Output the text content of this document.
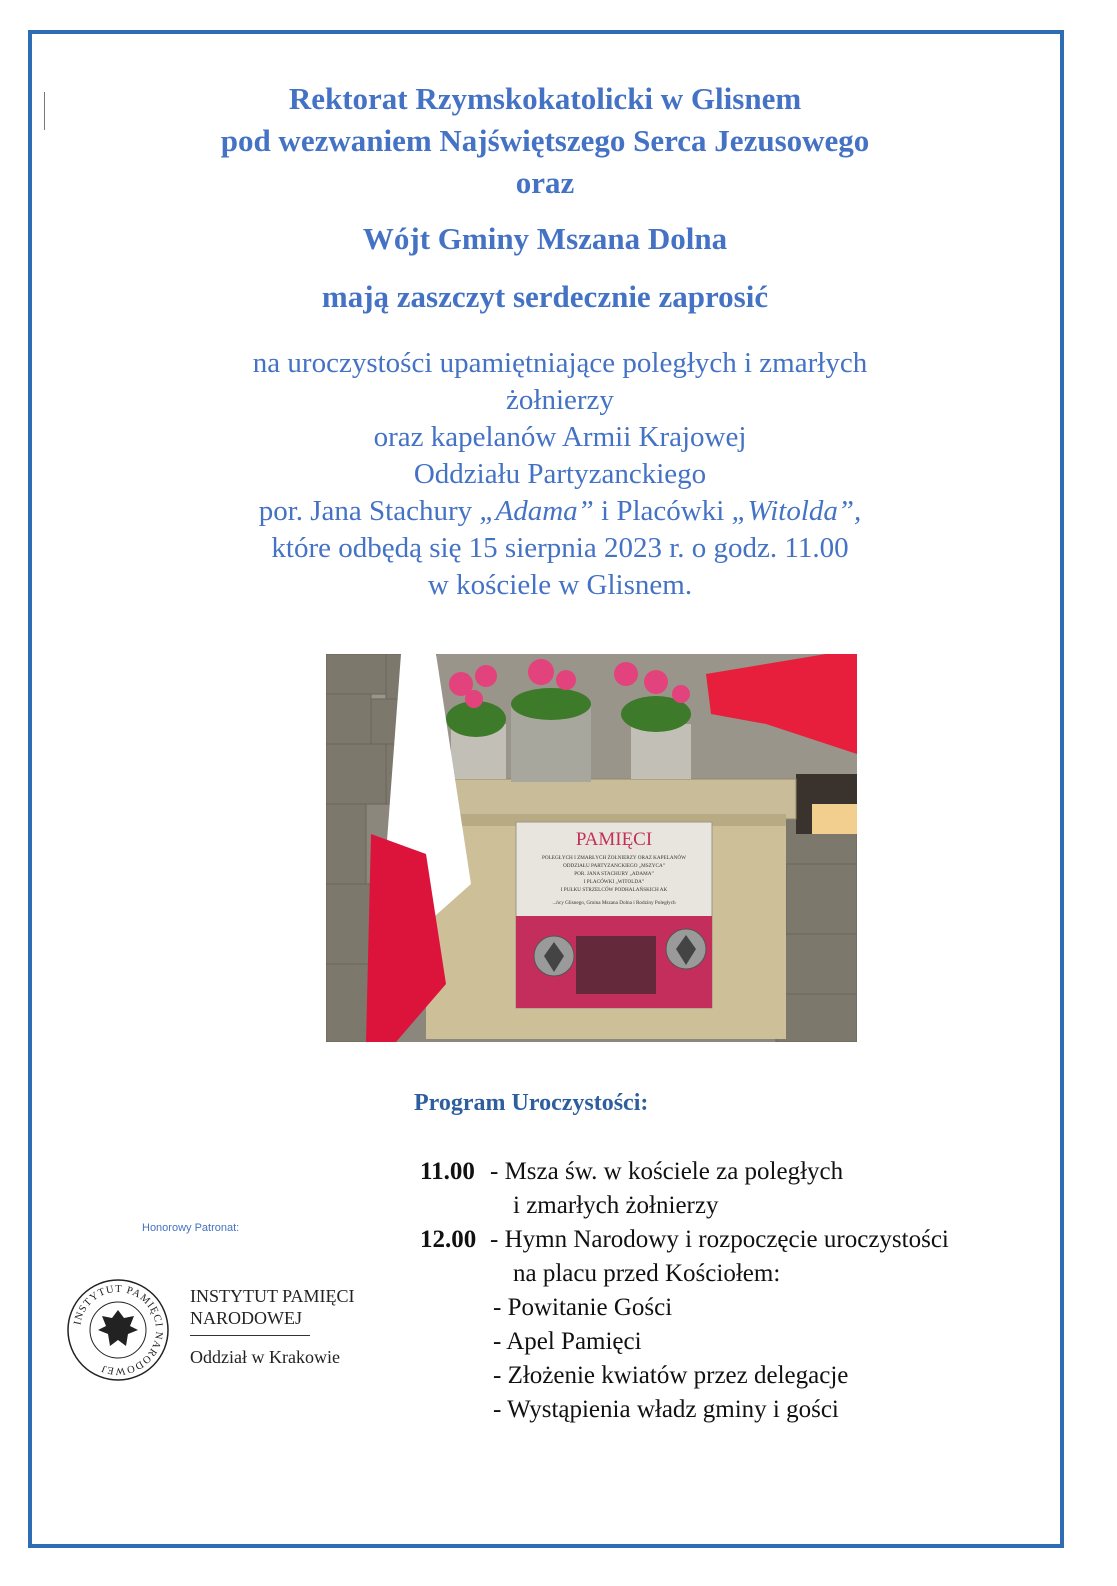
Rektorat Rzymskokatolicki w Glisnem

pod wezwaniem Najświętszego Serca Jezusowego

oraz

Wójt Gminy Mszana Dolna

mają zaszczyt serdecznie zaprosić

na uroczystości upamiętniające poległych i zmarłych
żołnierzy
oraz kapelanów Armii Krajowej
Oddziału Partyzanckiego
por. Jana Stachury „Adama” i Placówki „Witolda”,
które odbędą się 15 sierpnia 2023 r. o godz. 11.00
w kościele w Glisnem.
PAMIĘCI
POLEGŁYCH I ZMARŁYCH ŻOŁNIERZY ORAZ KAPELANÓW
ODDZIAŁU PARTYZANCKIEGO „MSZYCA”
POR. JANA STACHURY „ADAMA”
I PLACÓWKI „WITOLDA”
I PUŁKU STRZELCÓW PODHALAŃSKICH AK
...ńcy Glisnego, Gmina Mszana Dolna i Rodziny Poległych

Program Uroczystości:

11.00 - Msza św. w kościele za poległych
i zmarłych żołnierzy
12.00 - Hymn Narodowy i rozpoczęcie uroczystości
na placu przed Kościołem:
- Powitanie Gości
- Apel Pamięci
- Złożenie kwiatów przez delegacje
- Wystąpienia władz gminy i gości

Honorowy Patronat:

INSTYTUT PAMIĘCI NARODOWEJ
INSTYTUT PAMIĘCI
NARODOWEJ
Oddział w Krakowie
